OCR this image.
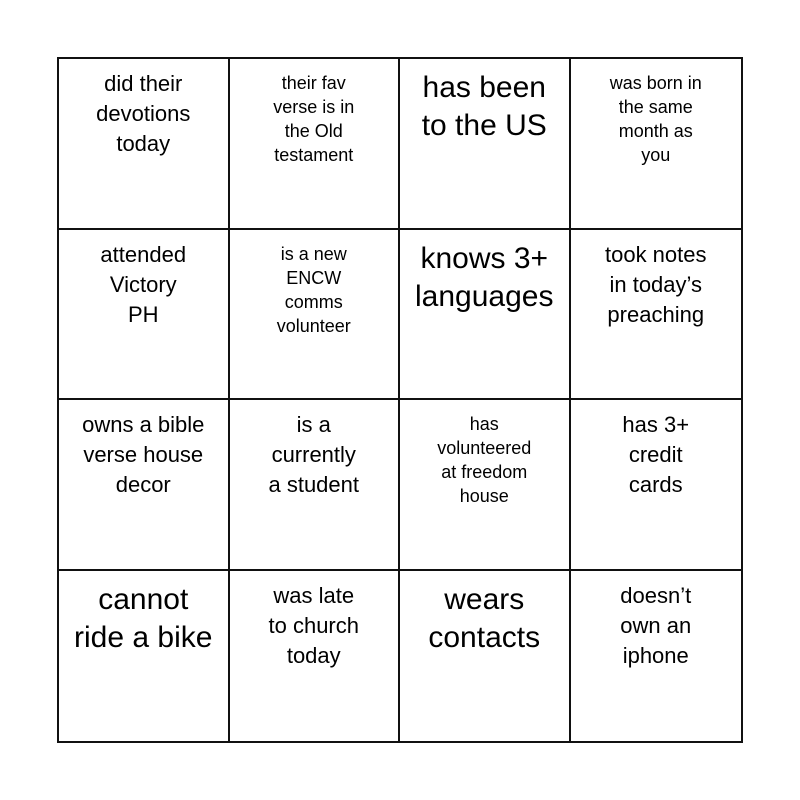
did their
devotions
today
their fav
verse is in
the Old
testament
has been
to the US
was born in
the same
month as
you
attended
Victory
PH
is a new
ENCW
comms
volunteer
knows 3+
languages
took notes
in today’s
preaching
owns a bible
verse house
decor
is a
currently
a student
has
volunteered
at freedom
house
has 3+
credit
cards
cannot
ride a bike
was late
to church
today
wears
contacts
doesn’t
own an
iphone
